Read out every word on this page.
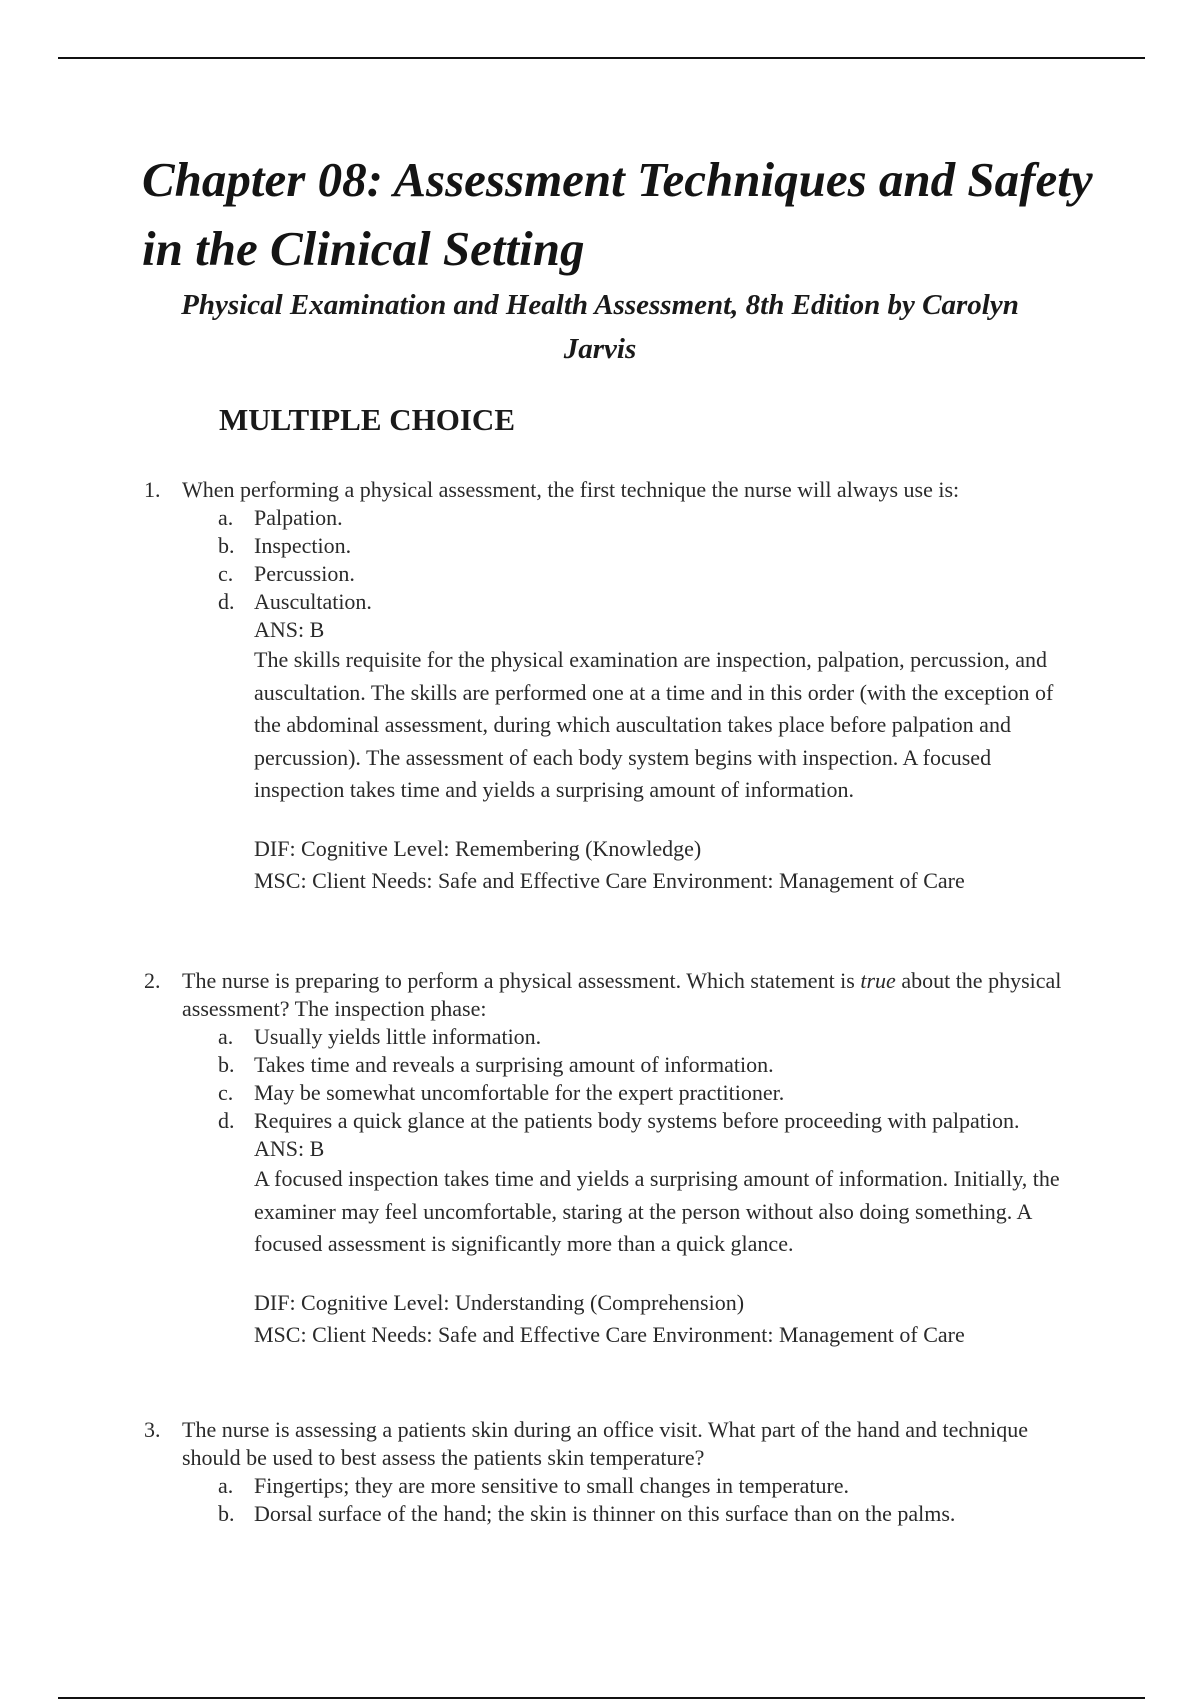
Chapter 08: Assessment Techniques and Safety in the Clinical Setting

Physical Examination and Health Assessment, 8th Edition by Carolyn Jarvis

MULTIPLE CHOICE
1. When performing a physical assessment, the first technique the nurse will always use is:
a. Palpation.
b. Inspection.
c. Percussion.
d. Auscultation.
ANS: B
The skills requisite for the physical examination are inspection, palpation, percussion, and auscultation. The skills are performed one at a time and in this order (with the exception of the abdominal assessment, during which auscultation takes place before palpation and percussion). The assessment of each body system begins with inspection. A focused inspection takes time and yields a surprising amount of information.
DIF: Cognitive Level: Remembering (Knowledge)
MSC: Client Needs: Safe and Effective Care Environment: Management of Care
2. The nurse is preparing to perform a physical assessment. Which statement is true about the physical assessment? The inspection phase:
a. Usually yields little information.
b. Takes time and reveals a surprising amount of information.
c. May be somewhat uncomfortable for the expert practitioner.
d. Requires a quick glance at the patients body systems before proceeding with palpation.
ANS: B
A focused inspection takes time and yields a surprising amount of information. Initially, the examiner may feel uncomfortable, staring at the person without also doing something. A focused assessment is significantly more than a quick glance.
DIF: Cognitive Level: Understanding (Comprehension)
MSC: Client Needs: Safe and Effective Care Environment: Management of Care
3. The nurse is assessing a patients skin during an office visit. What part of the hand and technique should be used to best assess the patients skin temperature?
a. Fingertips; they are more sensitive to small changes in temperature.
b. Dorsal surface of the hand; the skin is thinner on this surface than on the palms.
